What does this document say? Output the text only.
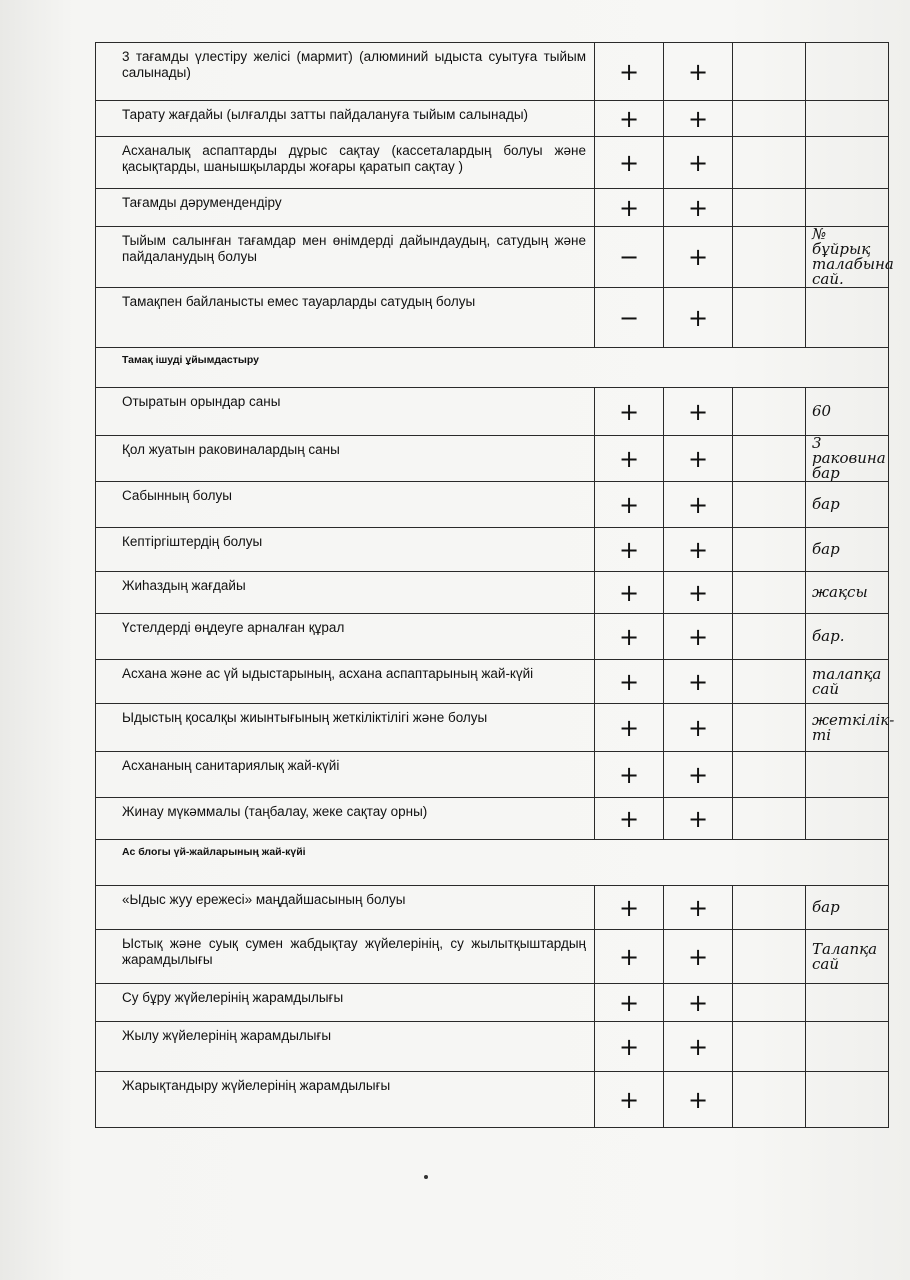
3 тағамды үлестіру желісі (мармит) (алюминий ыдыста суытуға тыйым салынады)	+	+		
Тарату жағдайы (ылғалды затты пайдалануға тыйым салынады)	+	+		
Асханалық аспаптарды дұрыс сақтау (кассеталардың болуы және қасықтарды, шанышқыларды жоғары қаратып сақтау )	+	+		
Тағамды дәрумендендіру	+	+		
Тыйым салынған тағамдар мен өнімдерді дайындаудың, сатудың және пайдаланудың болуы	−	+		№ бұйрық талабына сай.
Тамақпен байланысты емес тауарларды сатудың болуы	−	+		
Тамақ ішуді ұйымдастыру				
Отыратын орындар саны	+	+		60
Қол жуатын раковиналардың саны	+	+		3 раковина бар
Сабынның болуы	+	+		бар
Кептіргіштердің болуы	+	+		бар
Жиһаздың жағдайы	+	+		жақсы
Үстелдерді өңдеуге арналған құрал	+	+		бар.
Асхана және ас үй ыдыстарының, асхана аспаптарының жай-күйі	+	+		талапқа сай
Ыдыстың қосалқы жиынтығының жеткіліктілігі және болуы	+	+		жеткілік-ті
Асхананың санитариялық жай-күйі	+	+		
Жинау мүкәммалы (таңбалау, жеке сақтау орны)	+	+		
Ас блогы үй-жайларының жай-күйі				
«Ыдыс жуу ережесі» маңдайшасының болуы	+	+		бар
Ыстық және суық сумен жабдықтау жүйелерінің, су жылытқыштардың жарамдылығы	+	+		Талапқа сай
Су бұру жүйелерінің жарамдылығы	+	+		
Жылу жүйелерінің жарамдылығы	+	+		
Жарықтандыру жүйелерінің жарамдылығы	+	+		
